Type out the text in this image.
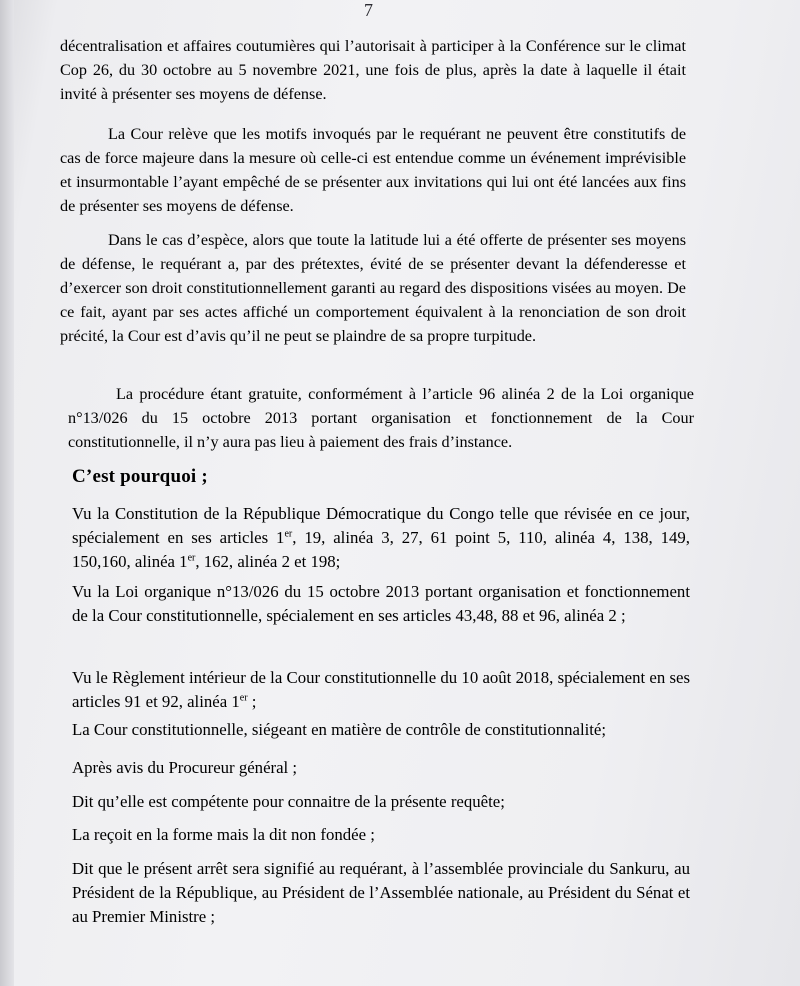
7

décentralisation et affaires coutumières qui l’autorisait à participer à la Conférence sur le climat Cop 26, du 30 octobre au 5 novembre 2021, une fois de plus, après la date à laquelle il était invité à présenter ses moyens de défense.

La Cour relève que les motifs invoqués par le requérant ne peuvent être constitutifs de cas de force majeure dans la mesure où celle-ci est entendue comme un événement imprévisible et insurmontable l’ayant empêché de se présenter aux invitations qui lui ont été lancées aux fins de présenter ses moyens de défense.

Dans le cas d’espèce, alors que toute la latitude lui a été offerte de présenter ses moyens de défense, le requérant a, par des prétextes, évité de se présenter devant la défenderesse et d’exercer son droit constitutionnellement garanti au regard des dispositions visées au moyen. De ce fait, ayant par ses actes affiché un comportement équivalent à la renonciation de son droit précité, la Cour est d’avis qu’il ne peut se plaindre de sa propre turpitude.

La procédure étant gratuite, conformément à l’article 96 alinéa 2 de la Loi organique n°13/026 du 15 octobre 2013 portant organisation et fonctionnement de la Cour constitutionnelle, il n’y aura pas lieu à paiement des frais d’instance.

C’est pourquoi ;

Vu la Constitution de la République Démocratique du Congo telle que révisée en ce jour, spécialement en ses articles 1er, 19, alinéa 3, 27, 61 point 5, 110, alinéa 4, 138, 149, 150,160, alinéa 1er, 162, alinéa 2 et 198;

Vu la Loi organique n°13/026 du 15 octobre 2013 portant organisation et fonctionnement de la Cour constitutionnelle, spécialement en ses articles 43,48, 88 et 96, alinéa 2 ;

Vu le Règlement intérieur de la Cour constitutionnelle du 10 août 2018, spécialement en ses articles 91 et 92, alinéa 1er ;

La Cour constitutionnelle, siégeant en matière de contrôle de constitutionnalité;

Après avis du Procureur général ;

Dit qu’elle est compétente pour connaitre de la présente requête;

La reçoit en la forme mais la dit non fondée ;

Dit que le présent arrêt sera signifié au requérant, à l’assemblée provinciale du Sankuru, au Président de la République, au Président de l’Assemblée nationale, au Président du Sénat et au Premier Ministre ;
